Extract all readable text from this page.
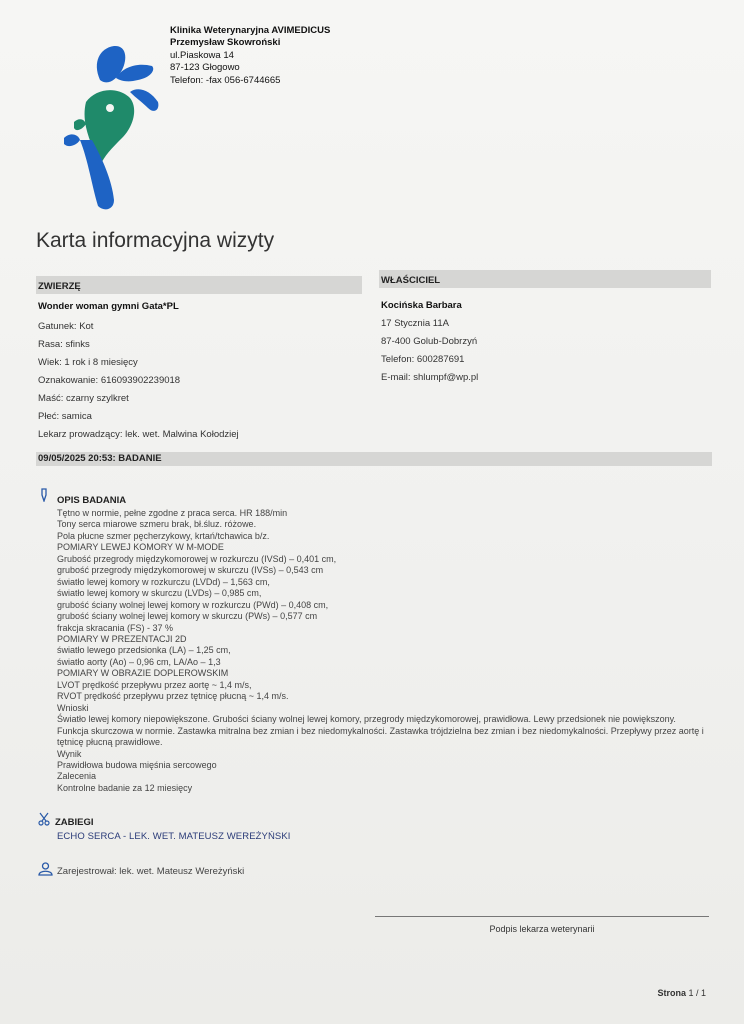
Klinika Weterynaryjna AVIMEDICUS
Przemysław Skowroński
ul.Piaskowa 14
87-123 Głogowo
Telefon: -fax 056-6744665
Karta informacyjna wizyty
ZWIERZĘ
Wonder woman gymni Gata*PL
Gatunek: Kot
Rasa: sfinks
Wiek: 1 rok i 8 miesięcy
Oznakowanie: 616093902239018
Maść: czarny szylkret
Płeć: samica
Lekarz prowadzący: lek. wet. Malwina Kołodziej
WŁAŚCICIEL
Kocińska Barbara
17 Stycznia 11A
87-400 Golub-Dobrzyń
Telefon: 600287691
E-mail: shlumpf@wp.pl
09/05/2025 20:53: BADANIE
OPIS BADANIA
Tętno w normie, pełne zgodne z praca serca. HR 188/min
Tony serca miarowe szmeru brak, bł.śluz. różowe.
Pola płucne szmer pęcherzykowy, krtań/tchawica b/z.
POMIARY LEWEJ KOMORY W M-MODE
Grubość przegrody międzykomorowej w rozkurczu (IVSd) – 0,401 cm,
grubość przegrody międzykomorowej w skurczu (IVSs) – 0,543 cm
światło lewej komory w rozkurczu (LVDd) – 1,563 cm,
światło lewej komory w skurczu (LVDs) – 0,985 cm,
grubość ściany wolnej lewej komory w rozkurczu (PWd) – 0,408 cm,
grubość ściany wolnej lewej komory w skurczu (PWs) – 0,577 cm
frakcja skracania (FS) - 37 %
POMIARY W PREZENTACJI 2D
światło lewego przedsionka (LA) – 1,25 cm,
światło aorty (Ao) – 0,96 cm, LA/Ao – 1,3
POMIARY W OBRAZIE DOPLEROWSKIM
LVOT prędkość przepływu przez aortę ~ 1,4 m/s,
RVOT prędkość przepływu przez tętnicę płucną ~ 1,4 m/s.
Wnioski
Światło lewej komory niepowiększone. Grubości ściany wolnej lewej komory, przegrody międzykomorowej, prawidłowa. Lewy przedsionek nie powiększony. Funkcja skurczowa w normie. Zastawka mitralna bez zmian i bez niedomykalności. Zastawka trójdzielna bez zmian i bez niedomykalności. Przepływy przez aortę i tętnicę płucną prawidłowe.
Wynik
Prawidłowa budowa mięśnia sercowego
Zalecenia
Kontrolne badanie za 12 miesięcy
ZABIEGI
ECHO SERCA - LEK. WET. MATEUSZ WEREŻYŃSKI
Zarejestrował: lek. wet. Mateusz Wereżyński
Podpis lekarza weterynarii
Strona 1 / 1
